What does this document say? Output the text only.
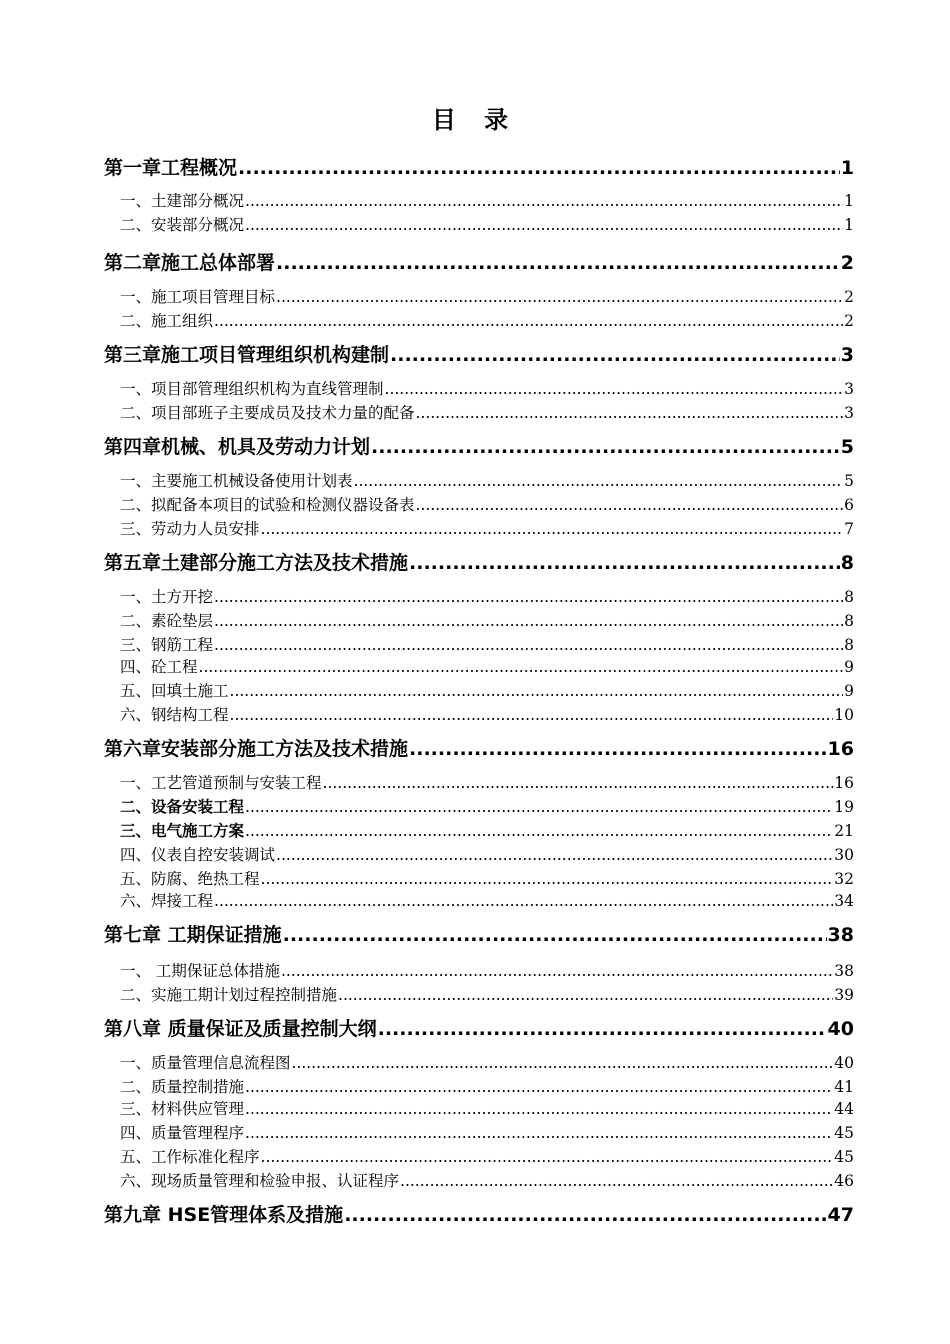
目 录
第一章工程概况 .....	1
一、土建部分概况 .....	1
二、安装部分概况 .....	1
第二章施工总体部署 .....	2
一、施工项目管理目标 .....	2
二、施工组织 .....	2
第三章施工项目管理组织机构建制 .....	3
一、项目部管理组织机构为直线管理制 .....	3
二、项目部班子主要成员及技术力量的配备 .....	3
第四章机械、机具及劳动力计划 .....	5
一、主要施工机械设备使用计划表 .....	5
二、拟配备本项目的试验和检测仪器设备表 .....	6
三、劳动力人员安排 .....	7
第五章土建部分施工方法及技术措施 .....	8
一、土方开挖 .....	8
二、素砼垫层 .....	8
三、钢筋工程 .....	8
四、砼工程 .....	9
五、回填土施工 .....	9
六、钢结构工程 .....	10
第六章安装部分施工方法及技术措施 .....	16
一、工艺管道预制与安装工程 .....	16
二、设备安装工程 .....	19
三、电气施工方案 .....	21
四、仪表自控安装调试 .....	30
五、防腐、绝热工程 .....	32
六、焊接工程 .....	34
第七章 工期保证措施 .....	38
一、 工期保证总体措施 .....	38
二、实施工期计划过程控制措施 .....	39
第八章 质量保证及质量控制大纲 .....	40
一、质量管理信息流程图 .....	40
二、质量控制措施 .....	41
三、材料供应管理 .....	44
四、质量管理程序 .....	45
五、工作标准化程序 .....	45
六、现场质量管理和检验申报、认证程序 .....	46
第九章 HSE管理体系及措施 .....	47
